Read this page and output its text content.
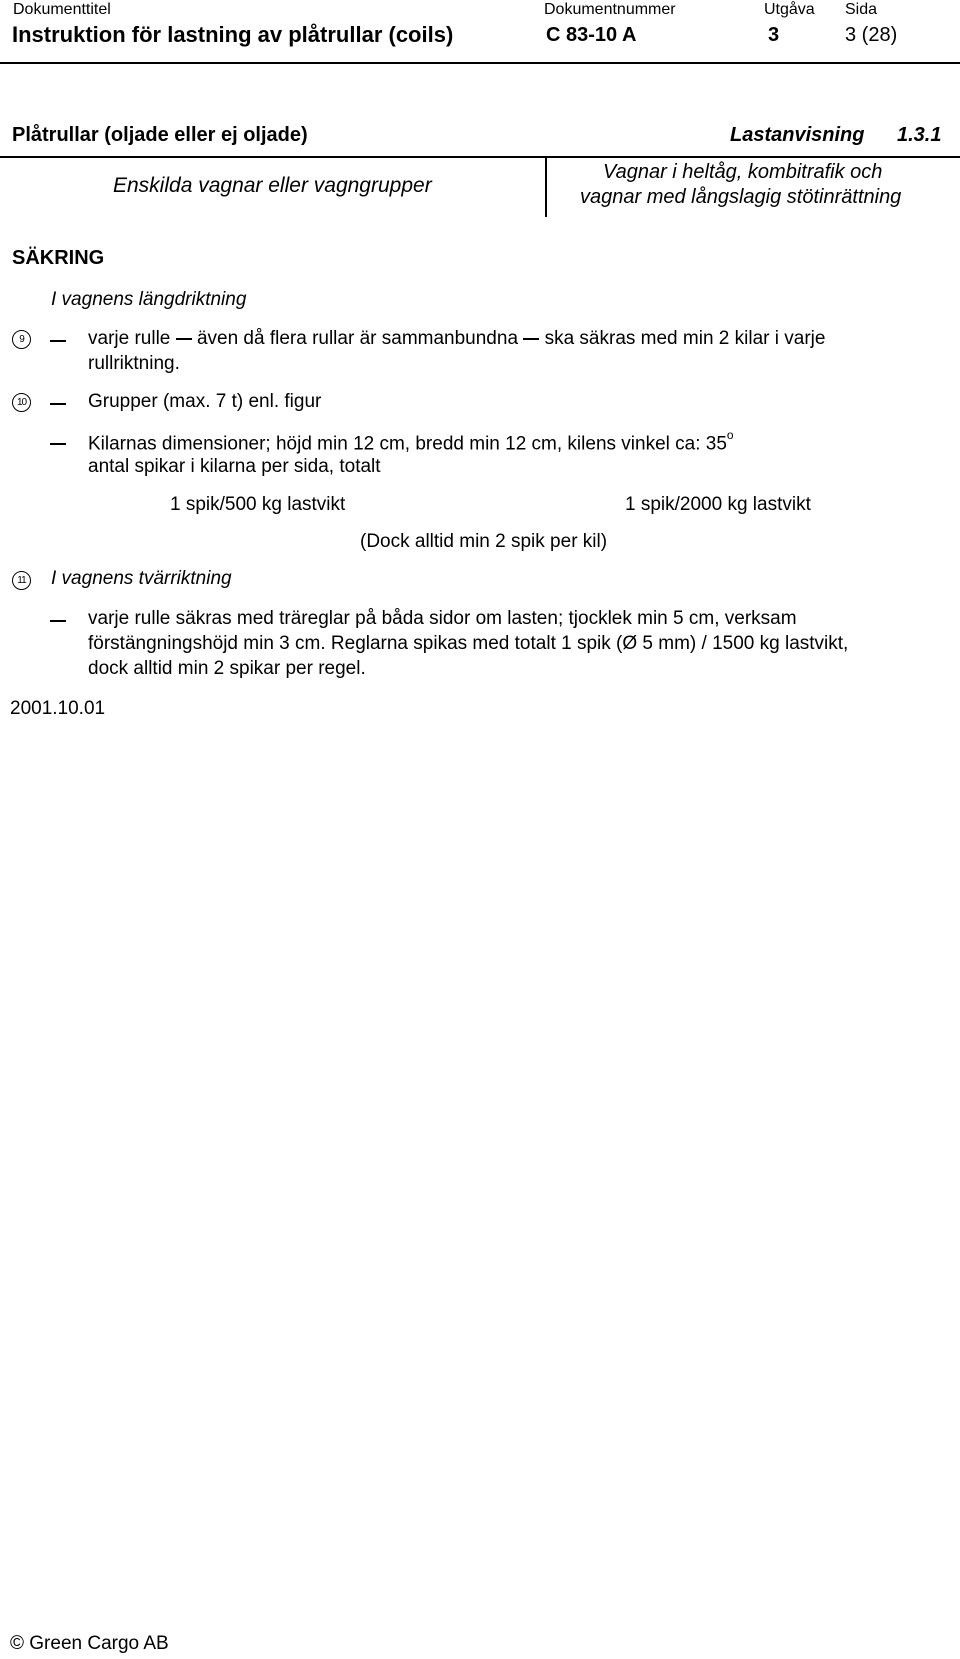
Dokumenttitel	Dokumentnummer	Utgåva Sida
Instruktion för lastning av plåtrullar (coils)	C 83-10 A	3	3 (28)
Plåtrullar (oljade eller ej oljade)	Lastanvisning 1.3.1
Enskilda vagnar eller vagngrupper
Vagnar i heltåg, kombitrafik och
vagnar med långslagig stötinrättning
SÄKRING
I vagnens längdriktning
9	varje rulle även då flera rullar är sammanbundna ska säkras med min 2 kilar i varje
rullriktning.
10	Grupper (max. 7 t) enl. figur
Kilarnas dimensioner; höjd min 12 cm, bredd min 12 cm, kilens vinkel ca: 35$^o$
antal spikar i kilarna per sida, totalt
1 spik/500 kg lastvikt	1 spik/2000 kg lastvikt
(Dock alltid min 2 spik per kil)
11 I vagnens tvärriktning
varje rulle säkras med träreglar på båda sidor om lasten; tjocklek min 5 cm, verksam
förstängningshöjd min 3 cm. Reglarna spikas med totalt 1 spik (Ø 5 mm) / 1500 kg lastvikt,
dock alltid min 2 spikar per regel.
2001.10.01
© Green Cargo AB
